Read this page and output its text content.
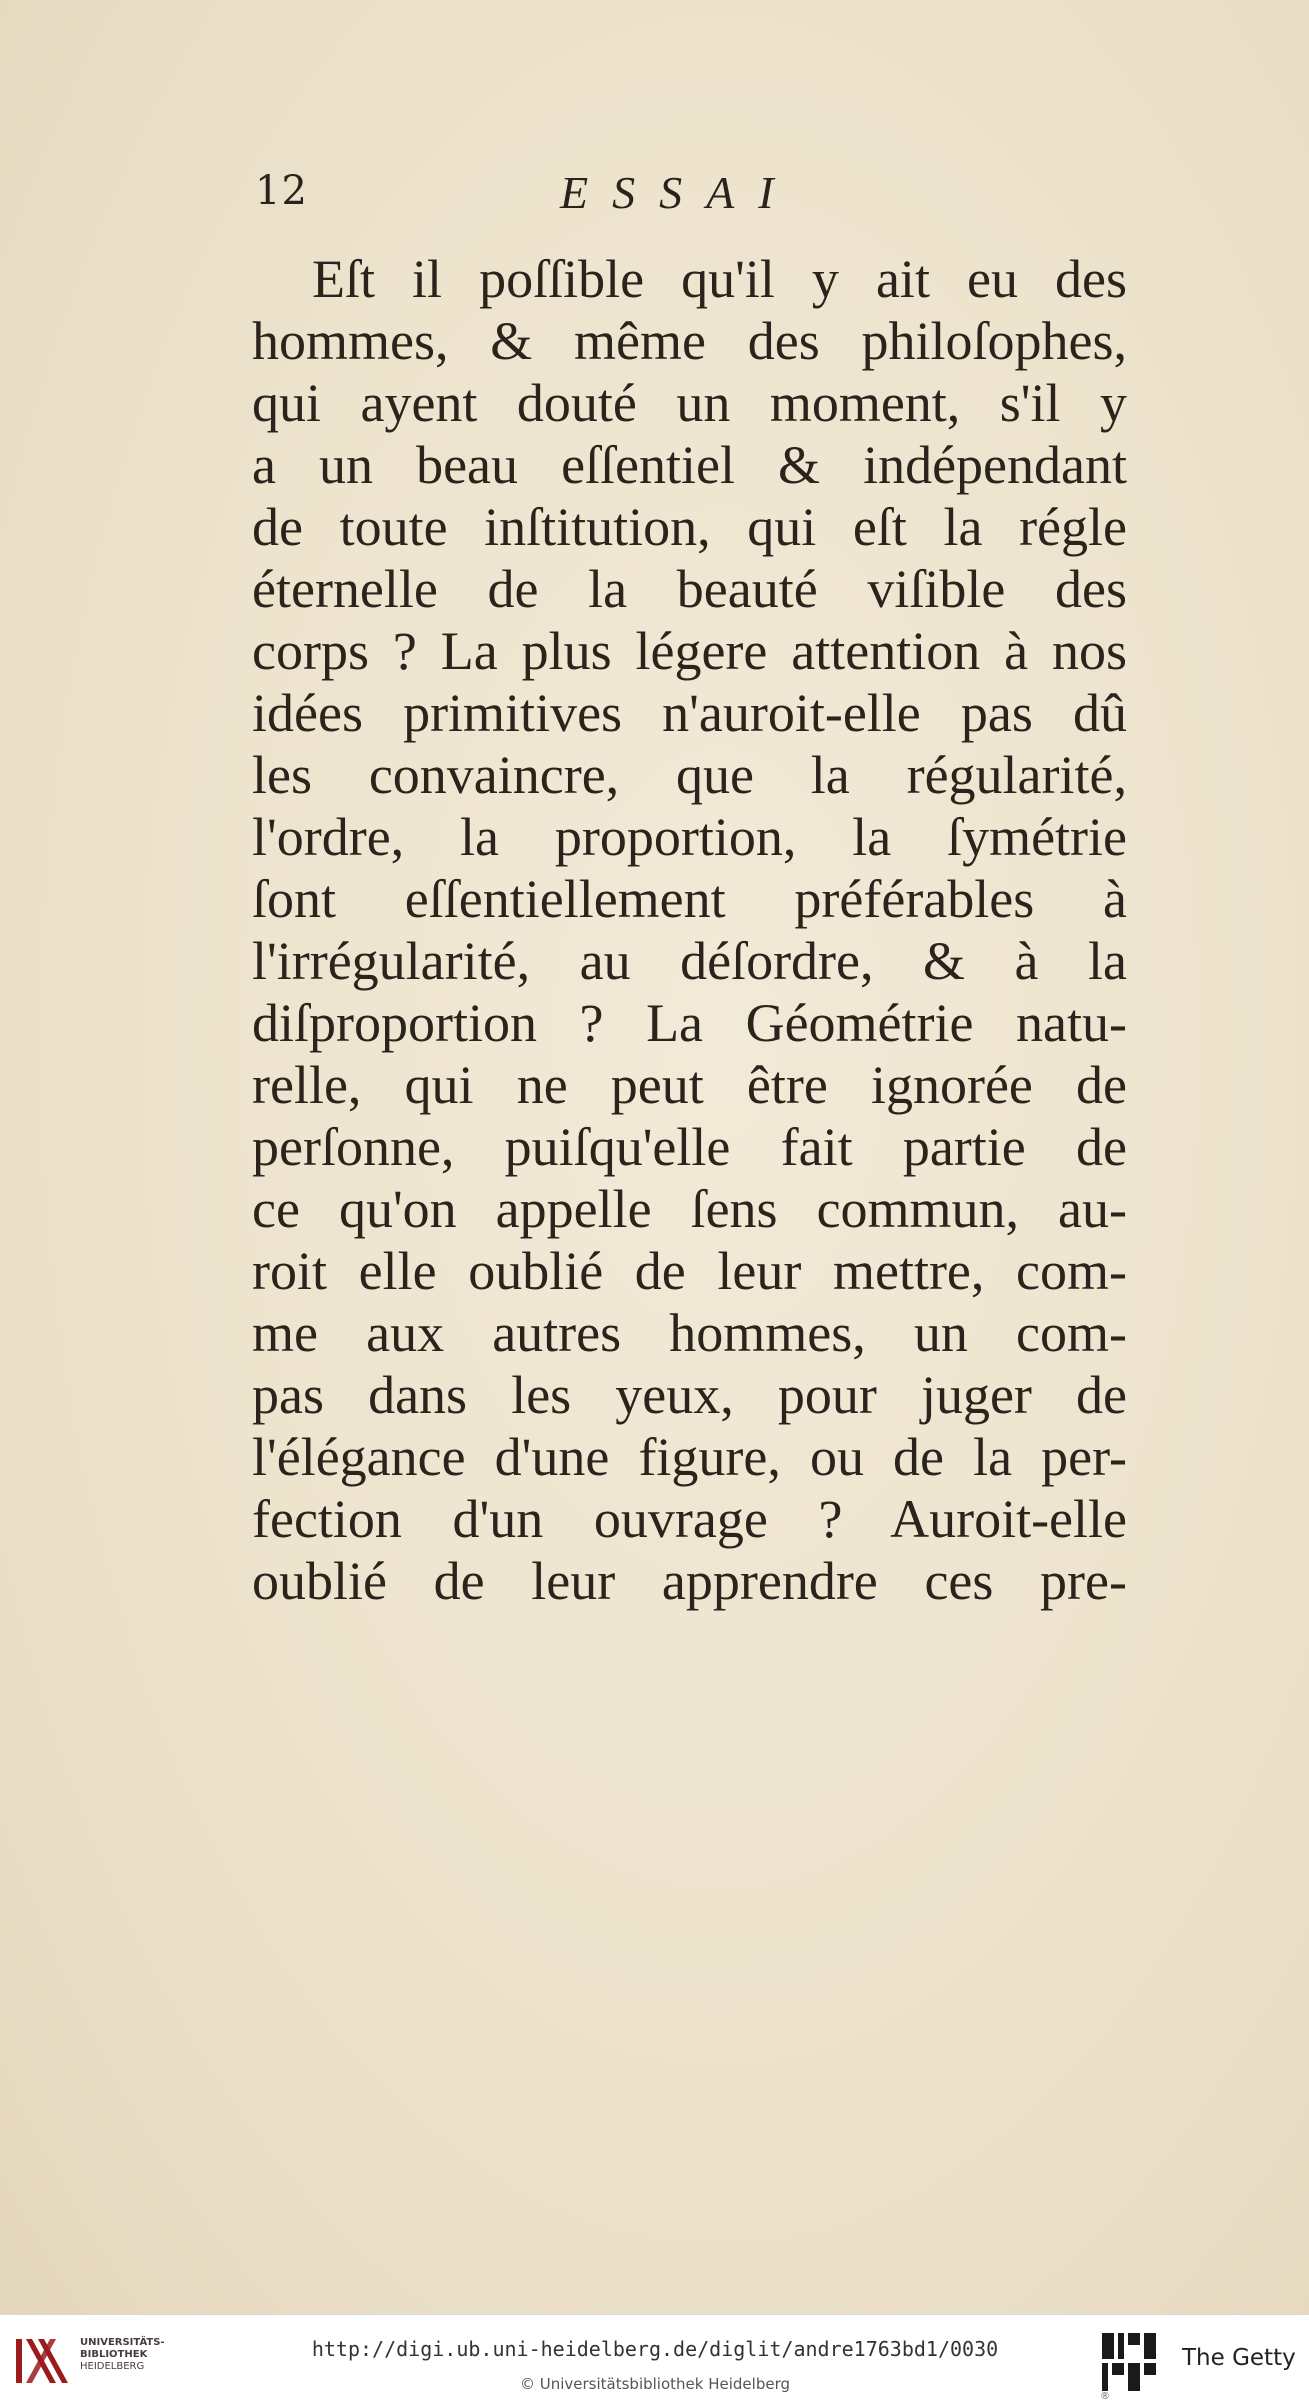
12	ESSAI
Eſt il poſſible qu'il y ait eu des
hommes, & même des philoſophes,
qui ayent douté un moment, s'il y
a un beau eſſentiel & indépendant
de toute inſtitution, qui eſt la régle
éternelle de la beauté viſible des
corps ? La plus légere attention à nos
idées primitives n'auroit-elle pas dû
les convaincre, que la régularité,
l'ordre, la proportion, la ſymétrie
ſont eſſentiellement préférables à
l'irrégularité, au déſordre, & à la
diſproportion ? La Géométrie natu-
relle, qui ne peut être ignorée de
perſonne, puiſqu'elle fait partie de
ce qu'on appelle ſens commun, au-
roit elle oublié de leur mettre, com-
me aux autres hommes, un com-
pas dans les yeux, pour juger de
l'élégance d'une figure, ou de la per-
fection d'un ouvrage ? Auroit-elle
oublié de leur apprendre ces pre-
UNIVERSITÄTS-
BIBLIOTHEK
HEIDELBERG
http://digi.ub.uni-heidelberg.de/diglit/andre1763bd1/0030
© Universitätsbibliothek Heidelberg
®
The Getty
